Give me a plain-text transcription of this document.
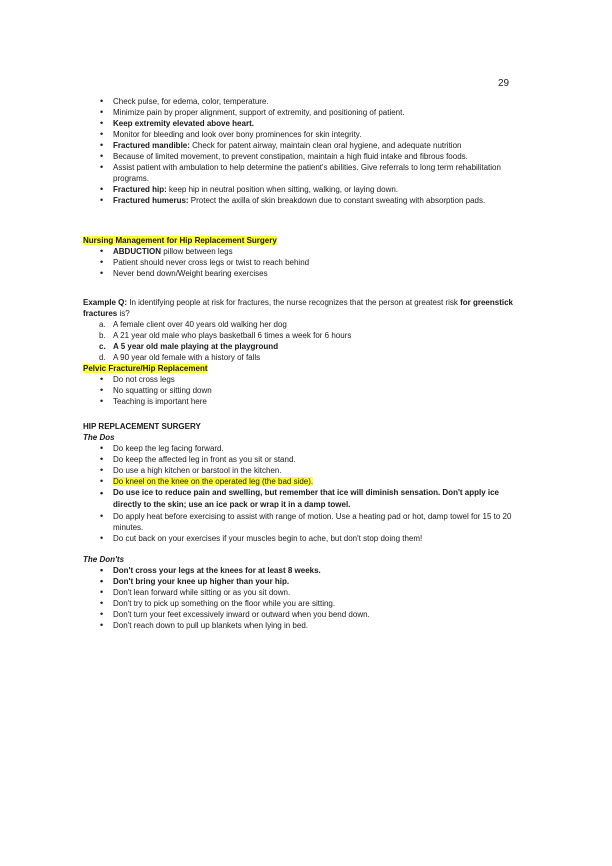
29
• Check pulse, for edema, color, temperature.
• Minimize pain by proper alignment, support of extremity, and positioning of patient.
• Keep extremity elevated above heart.
• Monitor for bleeding and look over bony prominences for skin integrity.
• Fractured mandible: Check for patent airway, maintain clean oral hygiene, and adequate nutrition
• Because of limited movement, to prevent constipation, maintain a high fluid intake and fibrous foods.
• Assist patient with ambulation to help determine the patient's abilities. Give referrals to long term rehabilitation programs.
• Fractured hip: keep hip in neutral position when sitting, walking, or laying down.
• Fractured humerus: Protect the axilla of skin breakdown due to constant sweating with absorption pads.

Nursing Management for Hip Replacement Surgery

• ABDUCTION pillow between legs
• Patient should never cross legs or twist to reach behind
• Never bend down/Weight bearing exercises

Example Q: In identifying people at risk for fractures, the nurse recognizes that the person at greatest risk for greenstick fractures is?

a. A female client over 40 years old walking her dog
b. A 21 year old male who plays basketball 6 times a week for 6 hours
c. A 5 year old male playing at the playground
d. A 90 year old female with a history of falls

Pelvic Fracture/Hip Replacement

• Do not cross legs
• No squatting or sitting down
• Teaching is important here

HIP REPLACEMENT SURGERY

The Dos

• Do keep the leg facing forward.
• Do keep the affected leg in front as you sit or stand.
• Do use a high kitchen or barstool in the kitchen.
• Do kneel on the knee on the operated leg (the bad side).
• Do use ice to reduce pain and swelling, but remember that ice will diminish sensation. Don't apply ice directly to the skin; use an ice pack or wrap it in a damp towel.
• Do apply heat before exercising to assist with range of motion. Use a heating pad or hot, damp towel for 15 to 20 minutes.
• Do cut back on your exercises if your muscles begin to ache, but don't stop doing them!

The Don'ts

• Don't cross your legs at the knees for at least 8 weeks.
• Don't bring your knee up higher than your hip.
• Don't lean forward while sitting or as you sit down.
• Don't try to pick up something on the floor while you are sitting.
• Don't turn your feet excessively inward or outward when you bend down.
• Don't reach down to pull up blankets when lying in bed.
